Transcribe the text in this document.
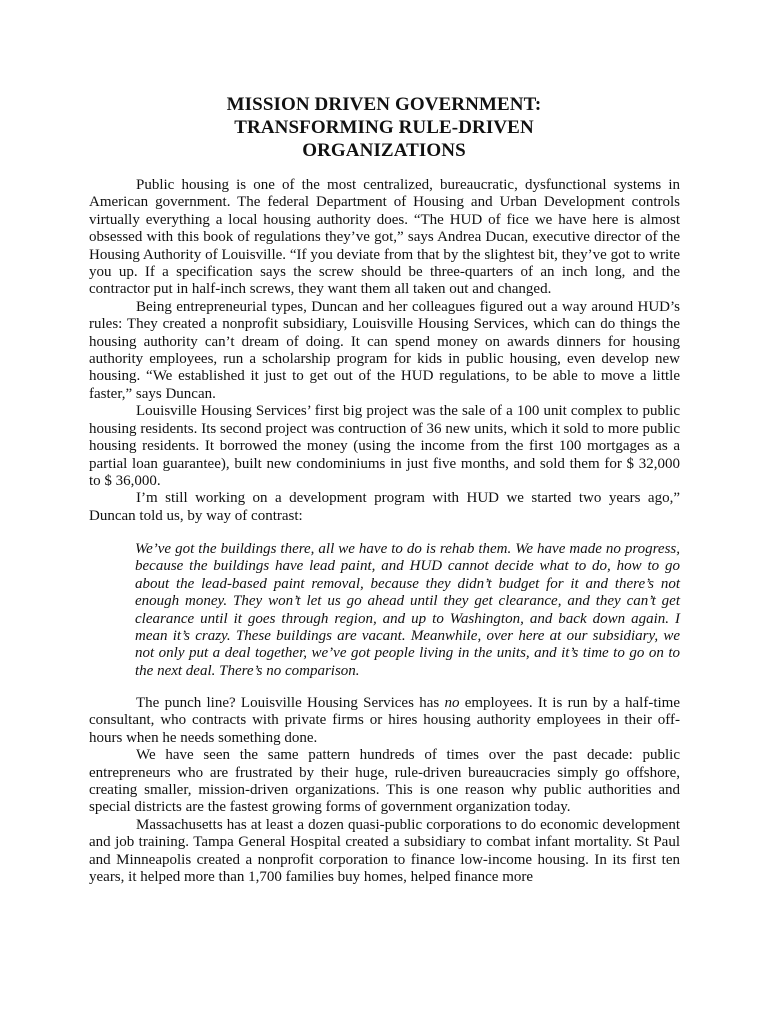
MISSION DRIVEN GOVERNMENT:
TRANSFORMING RULE-DRIVEN
ORGANIZATIONS

Public housing is one of the most centralized, bureaucratic, dysfunctional systems in American government. The federal Department of Housing and Urban Development controls virtually everything a local housing authority does. “The HUD of fice we have here is almost obsessed with this book of regulations they’ve got,” says Andrea Ducan, executive director of the Housing Authority of Louisville. “If you deviate from that by the slightest bit, they’ve got to write you up. If a specification says the screw should be three-quarters of an inch long, and the contractor put in half-inch screws, they want them all taken out and changed.

Being entrepreneurial types, Duncan and her colleagues figured out a way around HUD’s rules: They created a nonprofit subsidiary, Louisville Housing Services, which can do things the housing authority can’t dream of doing. It can spend money on awards dinners for housing authority employees, run a scholarship program for kids in public housing, even develop new housing. “We established it just to get out of the HUD regulations, to be able to move a little faster,” says Duncan.

Louisville Housing Services’ first big project was the sale of a 100 unit complex to public housing residents. Its second project was contruction of 36 new units, which it sold to more public housing residents. It borrowed the money (using the income from the first 100 mortgages as a partial loan guarantee), built new condominiums in just five months, and sold them for $ 32,000 to $ 36,000.

I’m still working on a development program with HUD we started two years ago,” Duncan told us, by way of contrast:

We’ve got the buildings there, all we have to do is rehab them. We have made no progress, because the buildings have lead paint, and HUD cannot decide what to do, how to go about the lead-based paint removal, because they didn’t budget for it and there’s not enough money. They won’t let us go ahead until they get clearance, and they can’t get clearance until it goes through region, and up to Washington, and back down again. I mean it’s crazy. These buildings are vacant. Meanwhile, over here at our subsidiary, we not only put a deal together, we’ve got people living in the units, and it’s time to go on to the next deal. There’s no comparison.

The punch line? Louisville Housing Services has no employees. It is run by a half-time consultant, who contracts with private firms or hires housing authority employees in their off-hours when he needs something done.

We have seen the same pattern hundreds of times over the past decade: public entrepreneurs who are frustrated by their huge, rule-driven bureaucracies simply go offshore, creating smaller, mission-driven organizations. This is one reason why public authorities and special districts are the fastest growing forms of government organization today.

Massachusetts has at least a dozen quasi-public corporations to do economic development and job training. Tampa General Hospital created a subsidiary to combat infant mortality. St Paul and Minneapolis created a nonprofit corporation to finance low-income housing. In its first ten years, it helped more than 1,700 families buy homes, helped finance more
